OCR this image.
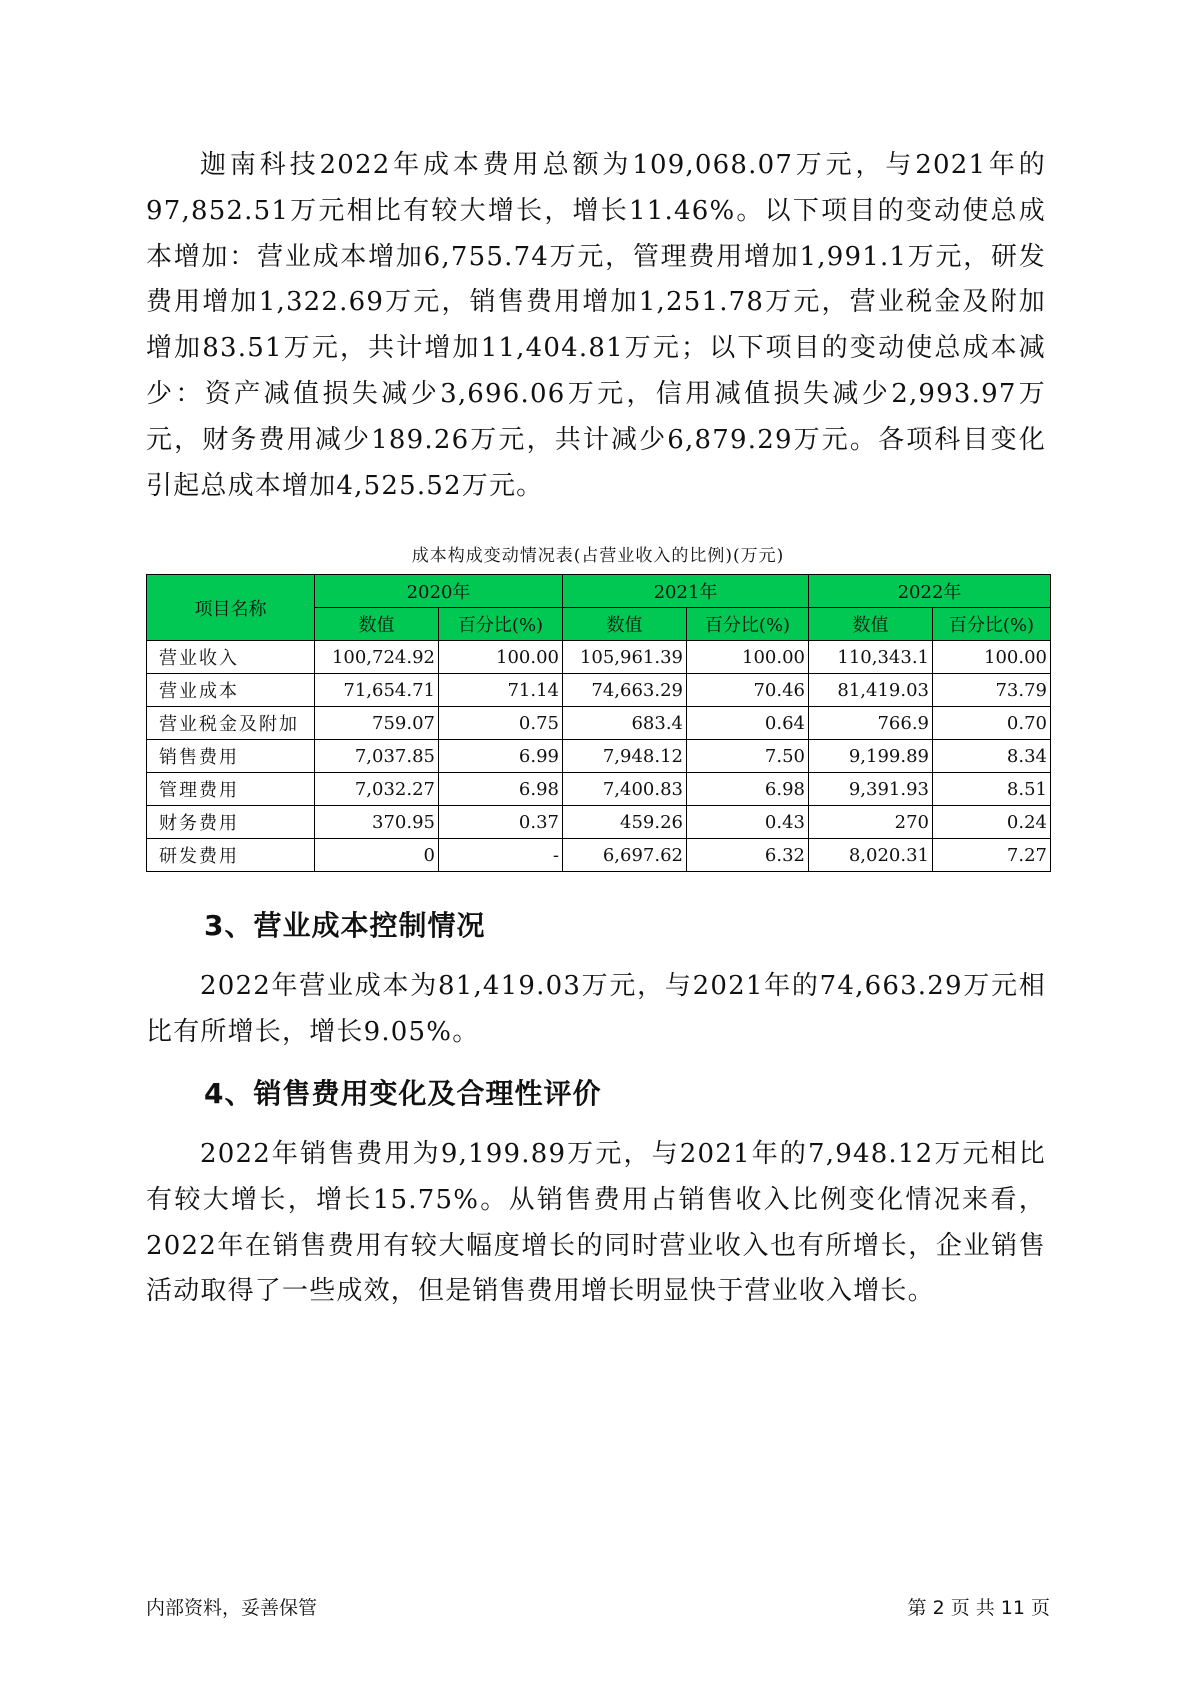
迦南科技2022年成本费用总额为109,068.07万元，与2021年的97,852.51万元相比有较大增长，增长11.46%。以下项目的变动使总成本增加：营业成本增加6,755.74万元，管理费用增加1,991.1万元，研发费用增加1,322.69万元，销售费用增加1,251.78万元，营业税金及附加增加83.51万元，共计增加11,404.81万元；以下项目的变动使总成本减少：资产减值损失减少3,696.06万元，信用减值损失减少2,993.97万元，财务费用减少189.26万元，共计减少6,879.29万元。各项科目变化引起总成本增加4,525.52万元。

成本构成变动情况表(占营业收入的比例)(万元)
项目名称	2020年		2021年		2022年	
	数值	百分比(%)	数值	百分比(%)	数值	百分比(%)
营业收入	100,724.92	100.00	105,961.39	100.00	110,343.1	100.00
营业成本	71,654.71	71.14	74,663.29	70.46	81,419.03	73.79
营业税金及附加	759.07	0.75	683.4	0.64	766.9	0.70
销售费用	7,037.85	6.99	7,948.12	7.50	9,199.89	8.34
管理费用	7,032.27	6.98	7,400.83	6.98	9,391.93	8.51
财务费用	370.95	0.37	459.26	0.43	270	0.24
研发费用	0	-	6,697.62	6.32	8,020.31	7.27
3、营业成本控制情况

2022年营业成本为81,419.03万元，与2021年的74,663.29万元相比有所增长，增长9.05%。

4、销售费用变化及合理性评价

2022年销售费用为9,199.89万元，与2021年的7,948.12万元相比有较大增长，增长15.75%。从销售费用占销售收入比例变化情况来看，2022年在销售费用有较大幅度增长的同时营业收入也有所增长，企业销售活动取得了一些成效，但是销售费用增长明显快于营业收入增长。

内部资料，妥善保管	第 2 页 共 11 页
